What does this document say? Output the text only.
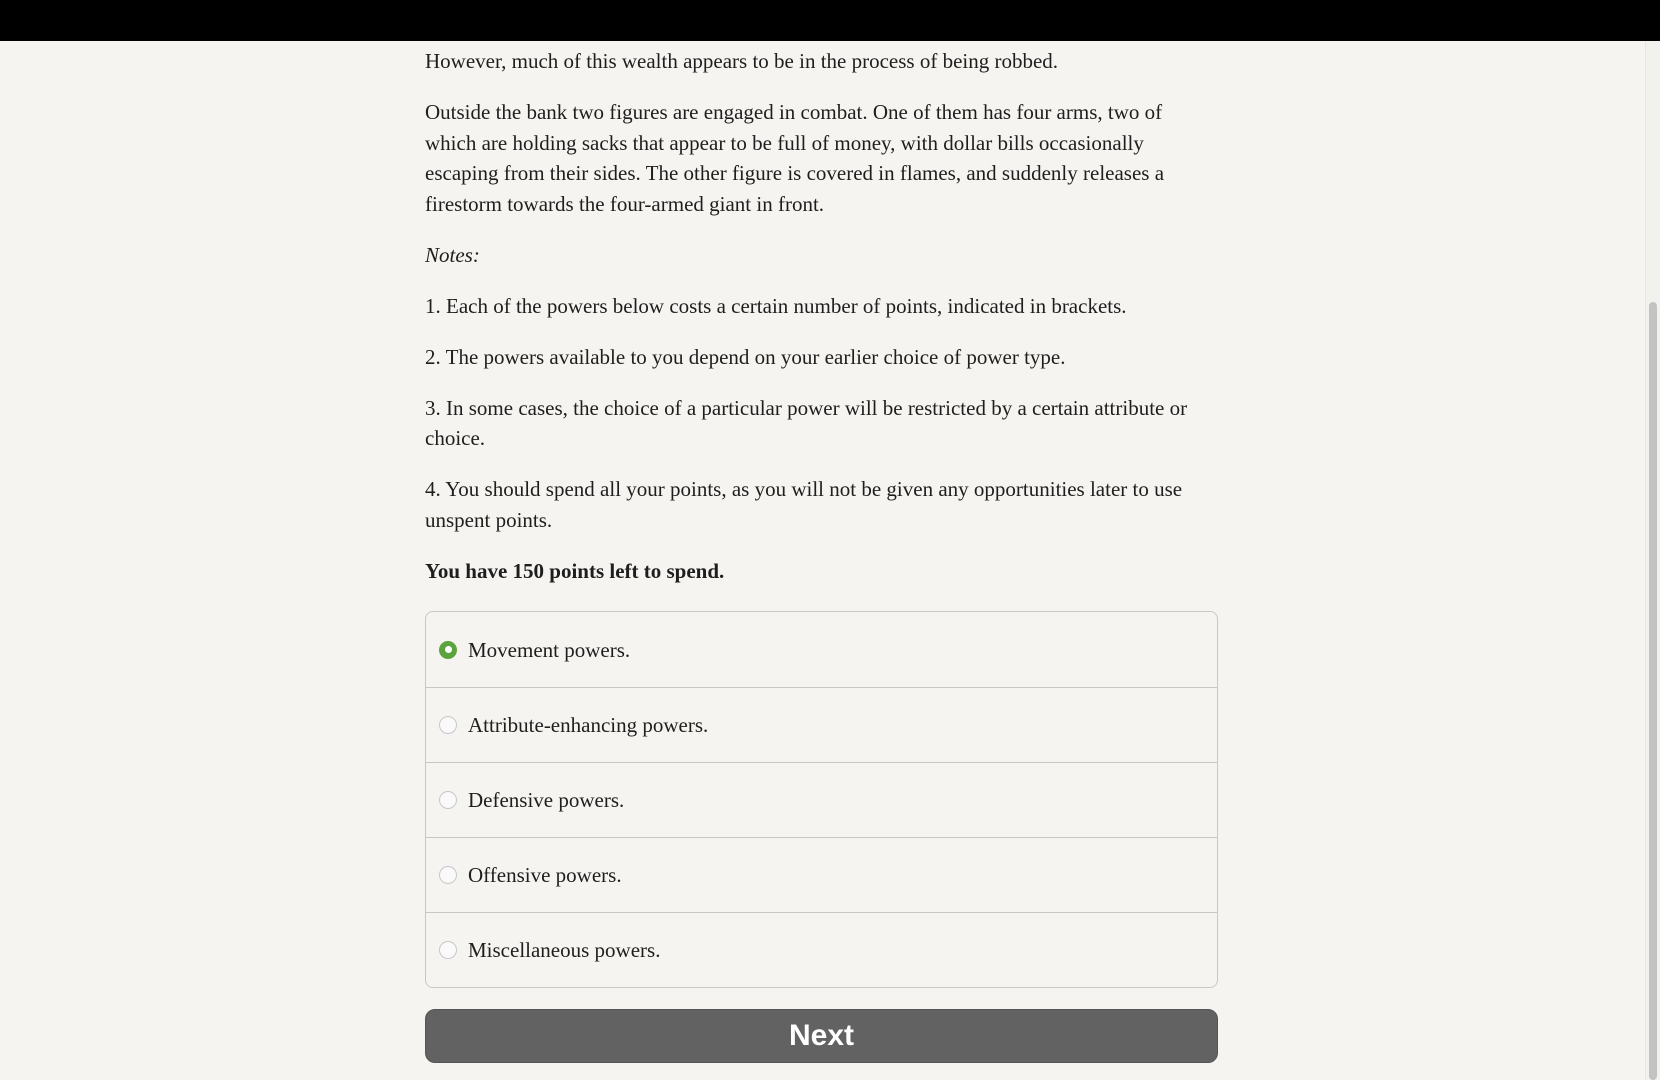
However, much of this wealth appears to be in the process of being robbed.

Outside the bank two figures are engaged in combat. One of them has four arms, two of which are holding sacks that appear to be full of money, with dollar bills occasionally escaping from their sides. The other figure is covered in flames, and suddenly releases a firestorm towards the four-armed giant in front.

Notes:

1. Each of the powers below costs a certain number of points, indicated in brackets.

2. The powers available to you depend on your earlier choice of power type.

3. In some cases, the choice of a particular power will be restricted by a certain attribute or choice.

4. You should spend all your points, as you will not be given any opportunities later to use unspent points.

You have 150 points left to spend.

Movement powers.
Attribute-enhancing powers.
Defensive powers.
Offensive powers.
Miscellaneous powers.
Next
